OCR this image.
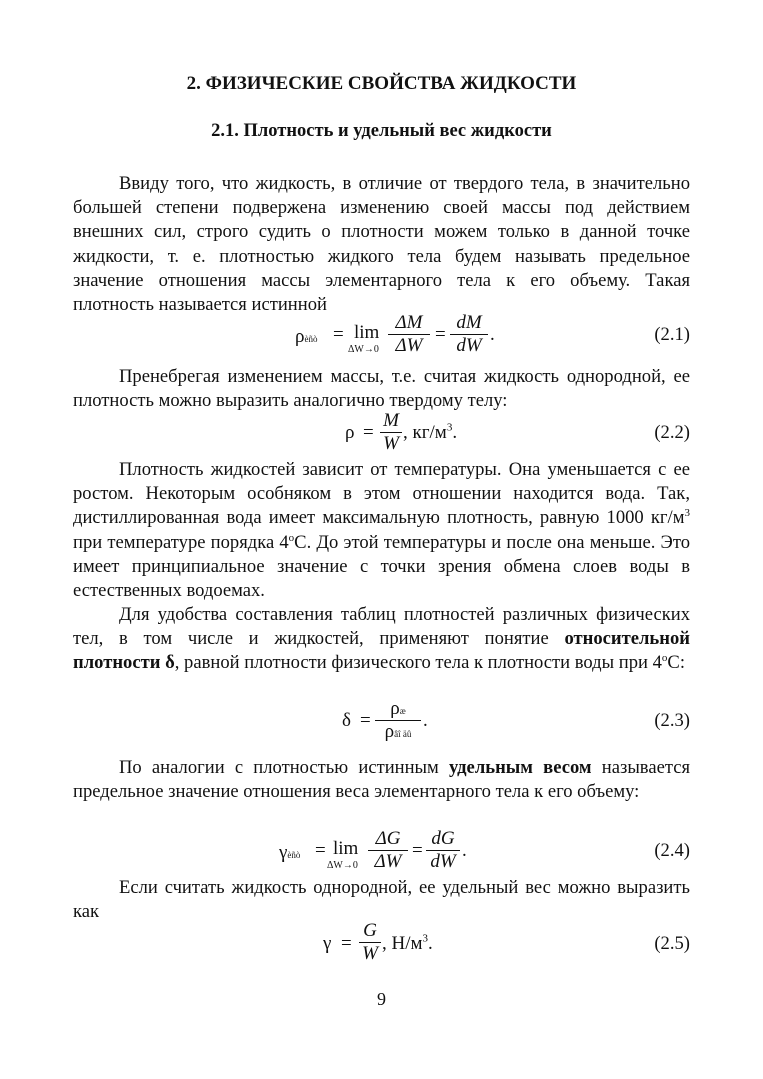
2. ФИЗИЧЕСКИЕ СВОЙСТВА ЖИДКОСТИ
2.1. Плотность и удельный вес жидкости

Ввиду того, что жидкость, в отличие от твердого тела, в значительно большей степени подвержена изменению своей массы под действием внешних сил, строго судить о плотности можем только в данной точке жидкости, т. е. плотностью жидкого тела будем называть предельное значение отношения массы элементарного тела к его объему. Такая плотность называется истинной

ρèñò = lim
ΔW→0
ΔM
ΔW
=
dM
dW
.	(2.1)

Пренебрегая изменением массы, т.е. считая жидкость однородной, ее плотность можно выразить аналогично твердому телу:

ρ =
M
W
, $кг/м^3$.	(2.2)

Плотность жидкостей зависит от температуры. Она уменьшается с ее ростом. Некоторым особняком в этом отношении находится вода. Так, дистиллированная вода имеет максимальную плотность, равную 1000 $кг/м^3$ при температуре порядка $4^оС$. До этой температуры и после она меньше. Это имеет принципиальное значение с точки зрения обмена слоев воды в естественных водоемах.

Для удобства составления таблиц плотностей различных физических тел, в том числе и жидкостей, применяют понятие относительной плотности δ, равной плотности физического тела к плотности воды при $4^оС$:

δ =
ρæ
ρâî äû
.	(2.3)

По аналогии с плотностью истинным удельным весом называется предельное значение отношения веса элементарного тела к его объему:

γèñò = lim
ΔW→0
ΔG
ΔW
=
dG
dW
.	(2.4)

Если считать жидкость однородной, ее удельный вес можно выразить как

γ =
G
W , $Н/м^3$.	(2.5)
9
